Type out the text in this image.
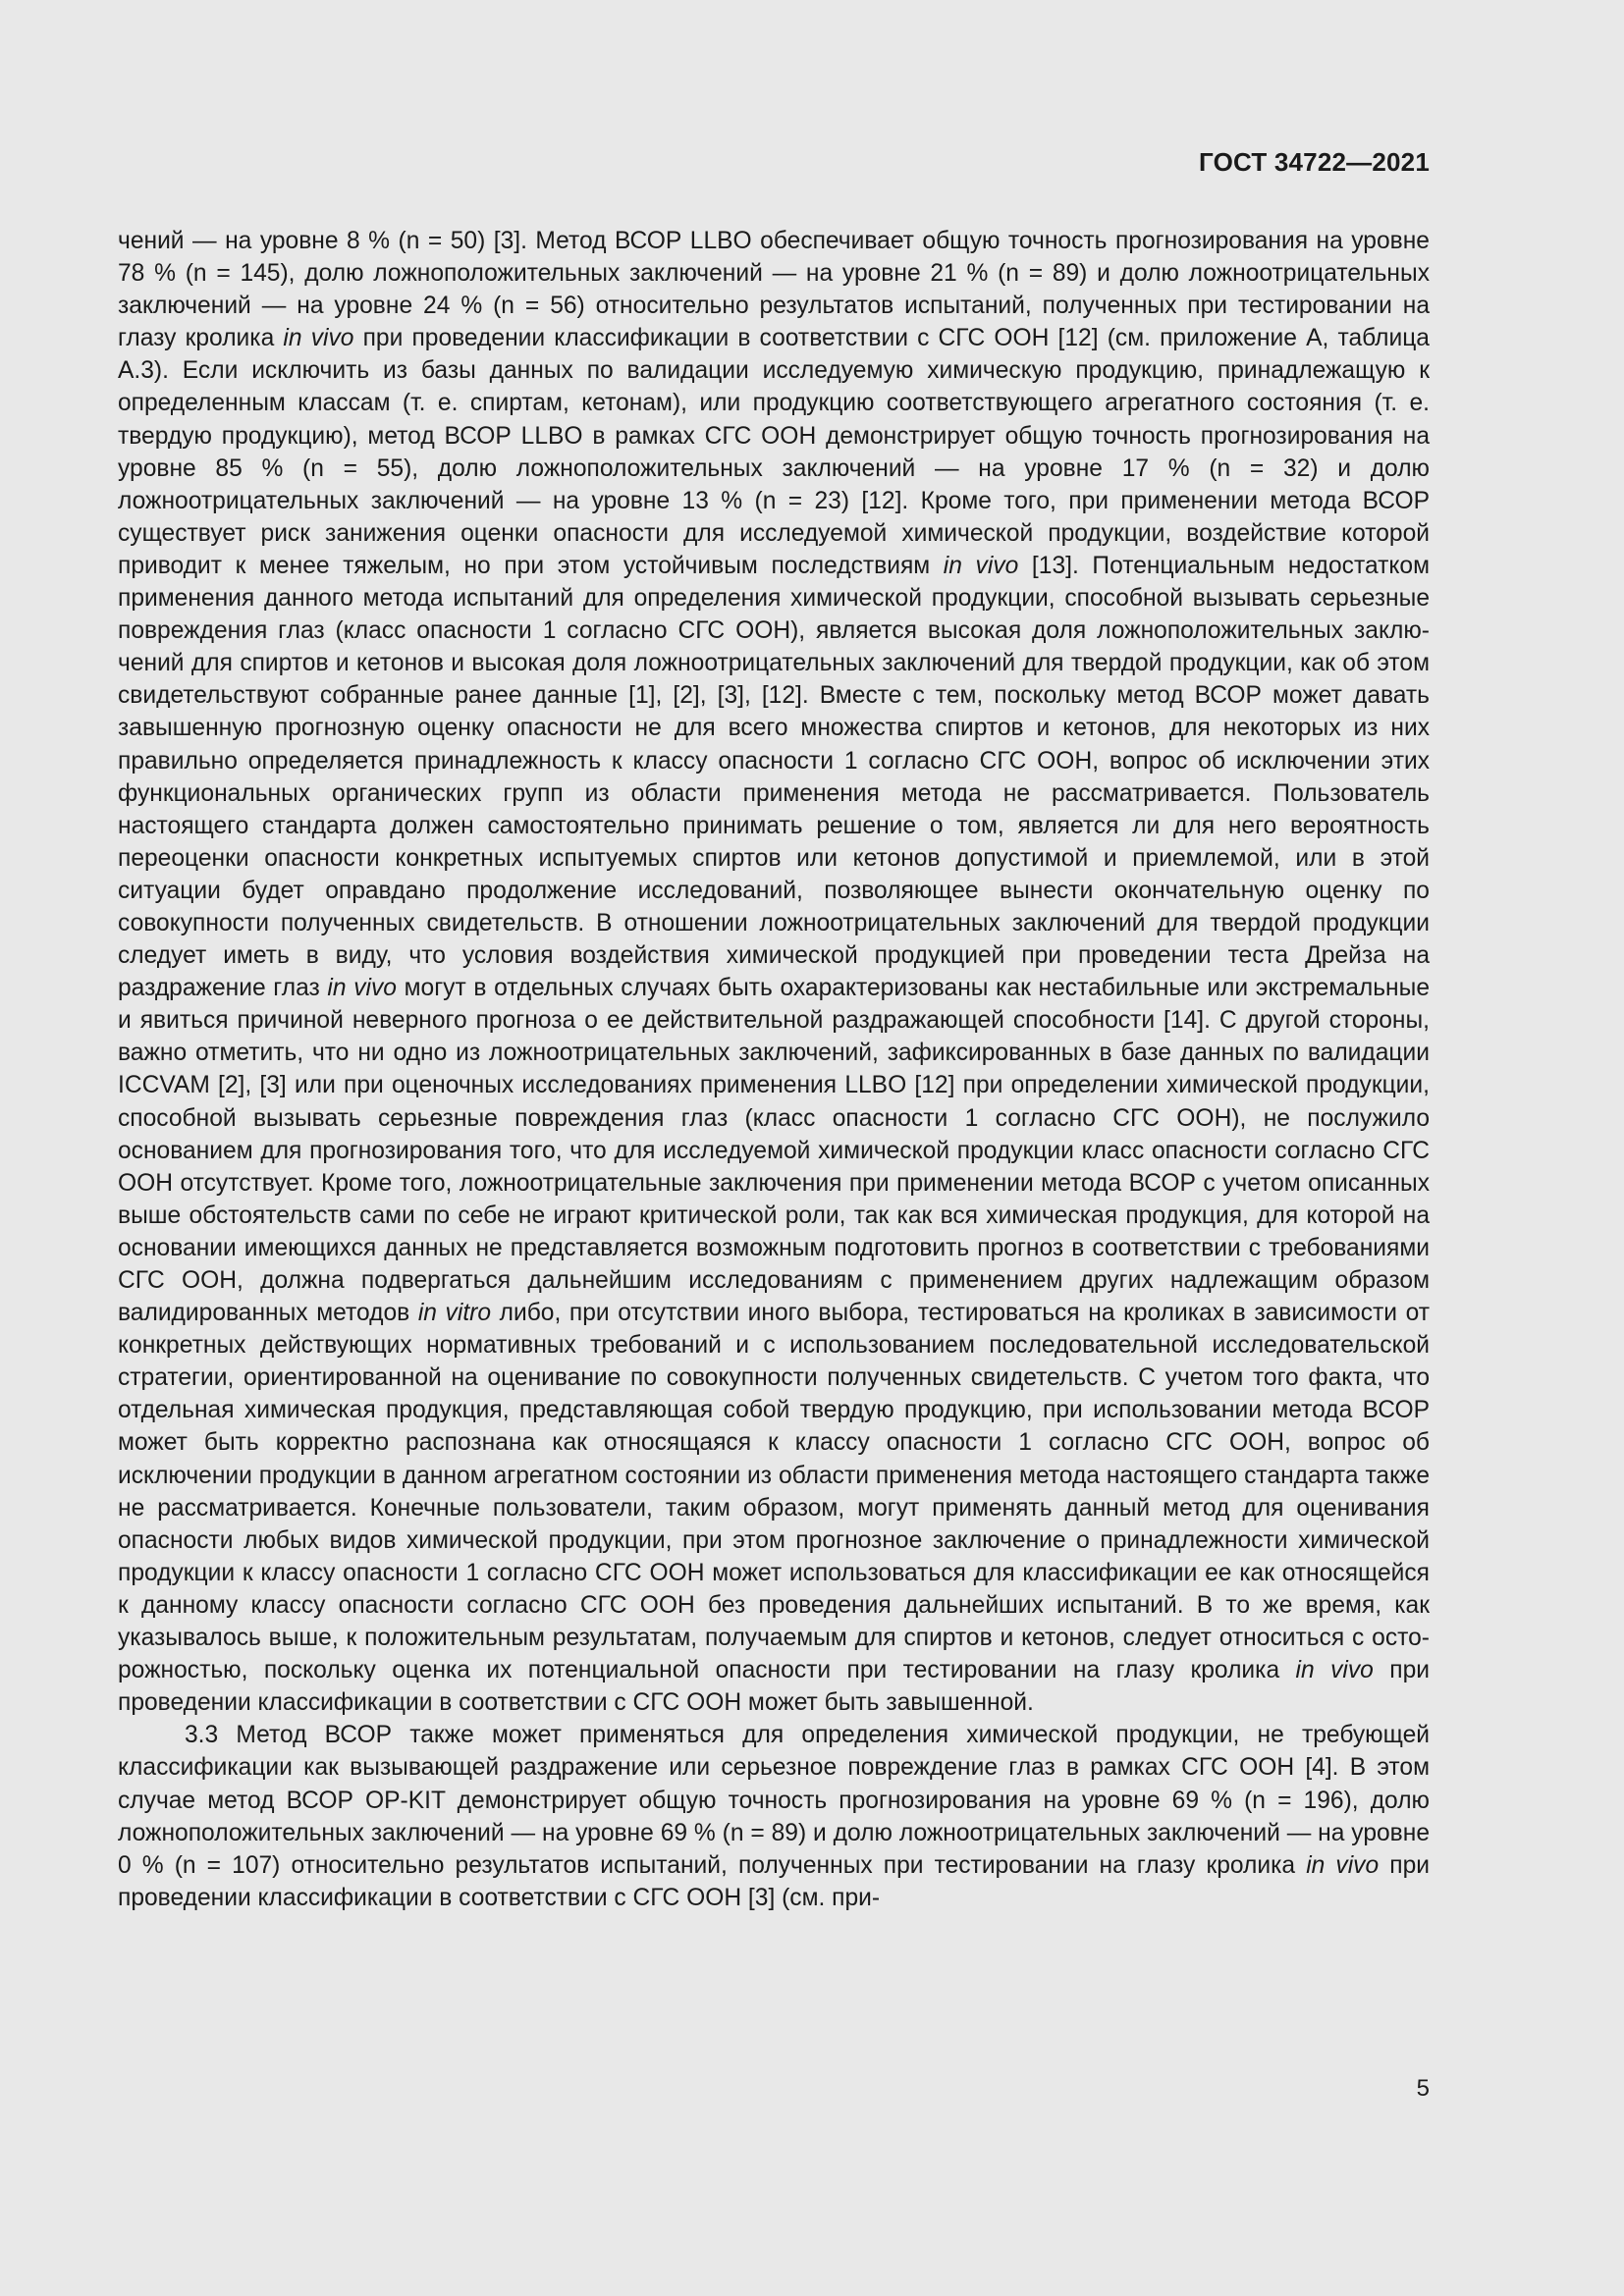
ГОСТ 34722—2021

чений — на уровне 8 % (n = 50) [3]. Метод ВСОР LLBO обеспечивает общую точность прогнозирования на уровне 78 % (n = 145), долю ложноположительных заключений — на уровне 21 % (n = 89) и долю ложноотрицательных заключений — на уровне 24 % (n = 56) относительно результатов испытаний, полученных при тестировании на глазу кролика in vivo при проведении классификации в соответствии с СГС ООН [12] (см. приложение А, таблица А.3). Если исключить из базы данных по валидации исследуемую химическую продукцию, принадлежащую к определенным классам (т. е. спиртам, кетонам), или продукцию соответствующего агрегатного состояния (т. е. твердую продукцию), метод ВСОР LLBO в рамках СГС ООН демонстрирует общую точность прогнозирования на уровне 85 % (n = 55), долю ложноположительных заключений — на уровне 17 % (n = 32) и долю ложноотрицательных заключений — на уровне 13 % (n = 23) [12]. Кроме того, при применении метода ВСОР существует риск занижения оценки опасности для исследуемой химической продукции, воздействие которой приводит к менее тяжелым, но при этом устойчивым последствиям in vivo [13]. Потенциальным недостатком применения данного метода испытаний для определения химической продукции, способной вызывать серьезные повреждения глаз (класс опасности 1 согласно СГС ООН), является высокая доля ложноположительных заключений для спиртов и кетонов и высокая доля ложноотрицательных заключений для твердой продукции, как об этом свидетельствуют собранные ранее данные [1], [2], [3], [12]. Вместе с тем, поскольку метод ВСОР может давать завышенную прогнозную оценку опасности не для всего множества спиртов и кетонов, для некоторых из них правильно определяется принадлежность к классу опасности 1 согласно СГС ООН, вопрос об исключении этих функциональных органических групп из области применения метода не рассматривается. Пользователь настоящего стандарта должен самостоятельно принимать решение о том, является ли для него вероятность переоценки опасности конкретных испытуемых спиртов или кетонов допустимой и приемлемой, или в этой ситуации будет оправдано продолжение исследований, позволяющее вынести окончательную оценку по совокупности полученных свидетельств. В отношении ложноотрицательных заключений для твердой продукции следует иметь в виду, что условия воздействия химической продукцией при проведении теста Дрейза на раздражение глаз in vivo могут в отдельных случаях быть охарактеризованы как нестабильные или экстремальные и явиться причиной неверного прогноза о ее действительной раздражающей способности [14]. С другой стороны, важно отметить, что ни одно из ложноотрицательных заключений, зафиксированных в базе данных по валидации ICCVAM [2], [3] или при оценочных исследованиях применения LLBO [12] при определении химической продукции, способной вызывать серьезные повреждения глаз (класс опасности 1 согласно СГС ООН), не послужило основанием для прогнозирования того, что для исследуемой химической продукции класс опасности согласно СГС ООН отсутствует. Кроме того, ложноотрицательные заключения при применении метода ВСОР с учетом описанных выше обстоятельств сами по себе не играют критической роли, так как вся химическая продукция, для которой на основании имеющихся данных не представляется возможным подготовить прогноз в соответствии с требованиями СГС ООН, должна подвергаться дальнейшим исследованиям с применением других надлежащим образом валидированных методов in vitro либо, при отсутствии иного выбора, тестироваться на кроликах в зависимости от конкретных действующих нормативных требований и с использованием последовательной исследовательской стратегии, ориентированной на оценивание по совокупности полученных свидетельств. С учетом того факта, что отдельная химическая продукция, представляющая собой твердую продукцию, при использовании метода ВСОР может быть корректно распознана как относящаяся к классу опасности 1 согласно СГС ООН, вопрос об исключении продукции в данном агрегатном состоянии из области применения метода настоящего стандарта также не рассматривается. Конечные пользователи, таким образом, могут применять данный метод для оценивания опасности любых видов химической продукции, при этом прогнозное заключение о принадлежности химической продукции к классу опасности 1 согласно СГС ООН может использоваться для классификации ее как относящейся к данному классу опасности согласно СГС ООН без проведения дальнейших испытаний. В то же время, как указывалось выше, к положительным результатам, получаемым для спиртов и кетонов, следует относиться с осторожностью, поскольку оценка их потенциальной опасности при тестировании на глазу кролика in vivo при проведении классификации в соответствии с СГС ООН может быть завышенной.

3.3 Метод ВСОР также может применяться для определения химической продукции, не требующей классификации как вызывающей раздражение или серьезное повреждение глаз в рамках СГС ООН [4]. В этом случае метод ВСОР OP-KIT демонстрирует общую точность прогнозирования на уровне 69 % (n = 196), долю ложноположительных заключений — на уровне 69 % (n = 89) и долю ложноотрицательных заключений — на уровне 0 % (n = 107) относительно результатов испытаний, полученных при тестировании на глазу кролика in vivo при проведении классификации в соответствии с СГС ООН [3] (см. при-

5
